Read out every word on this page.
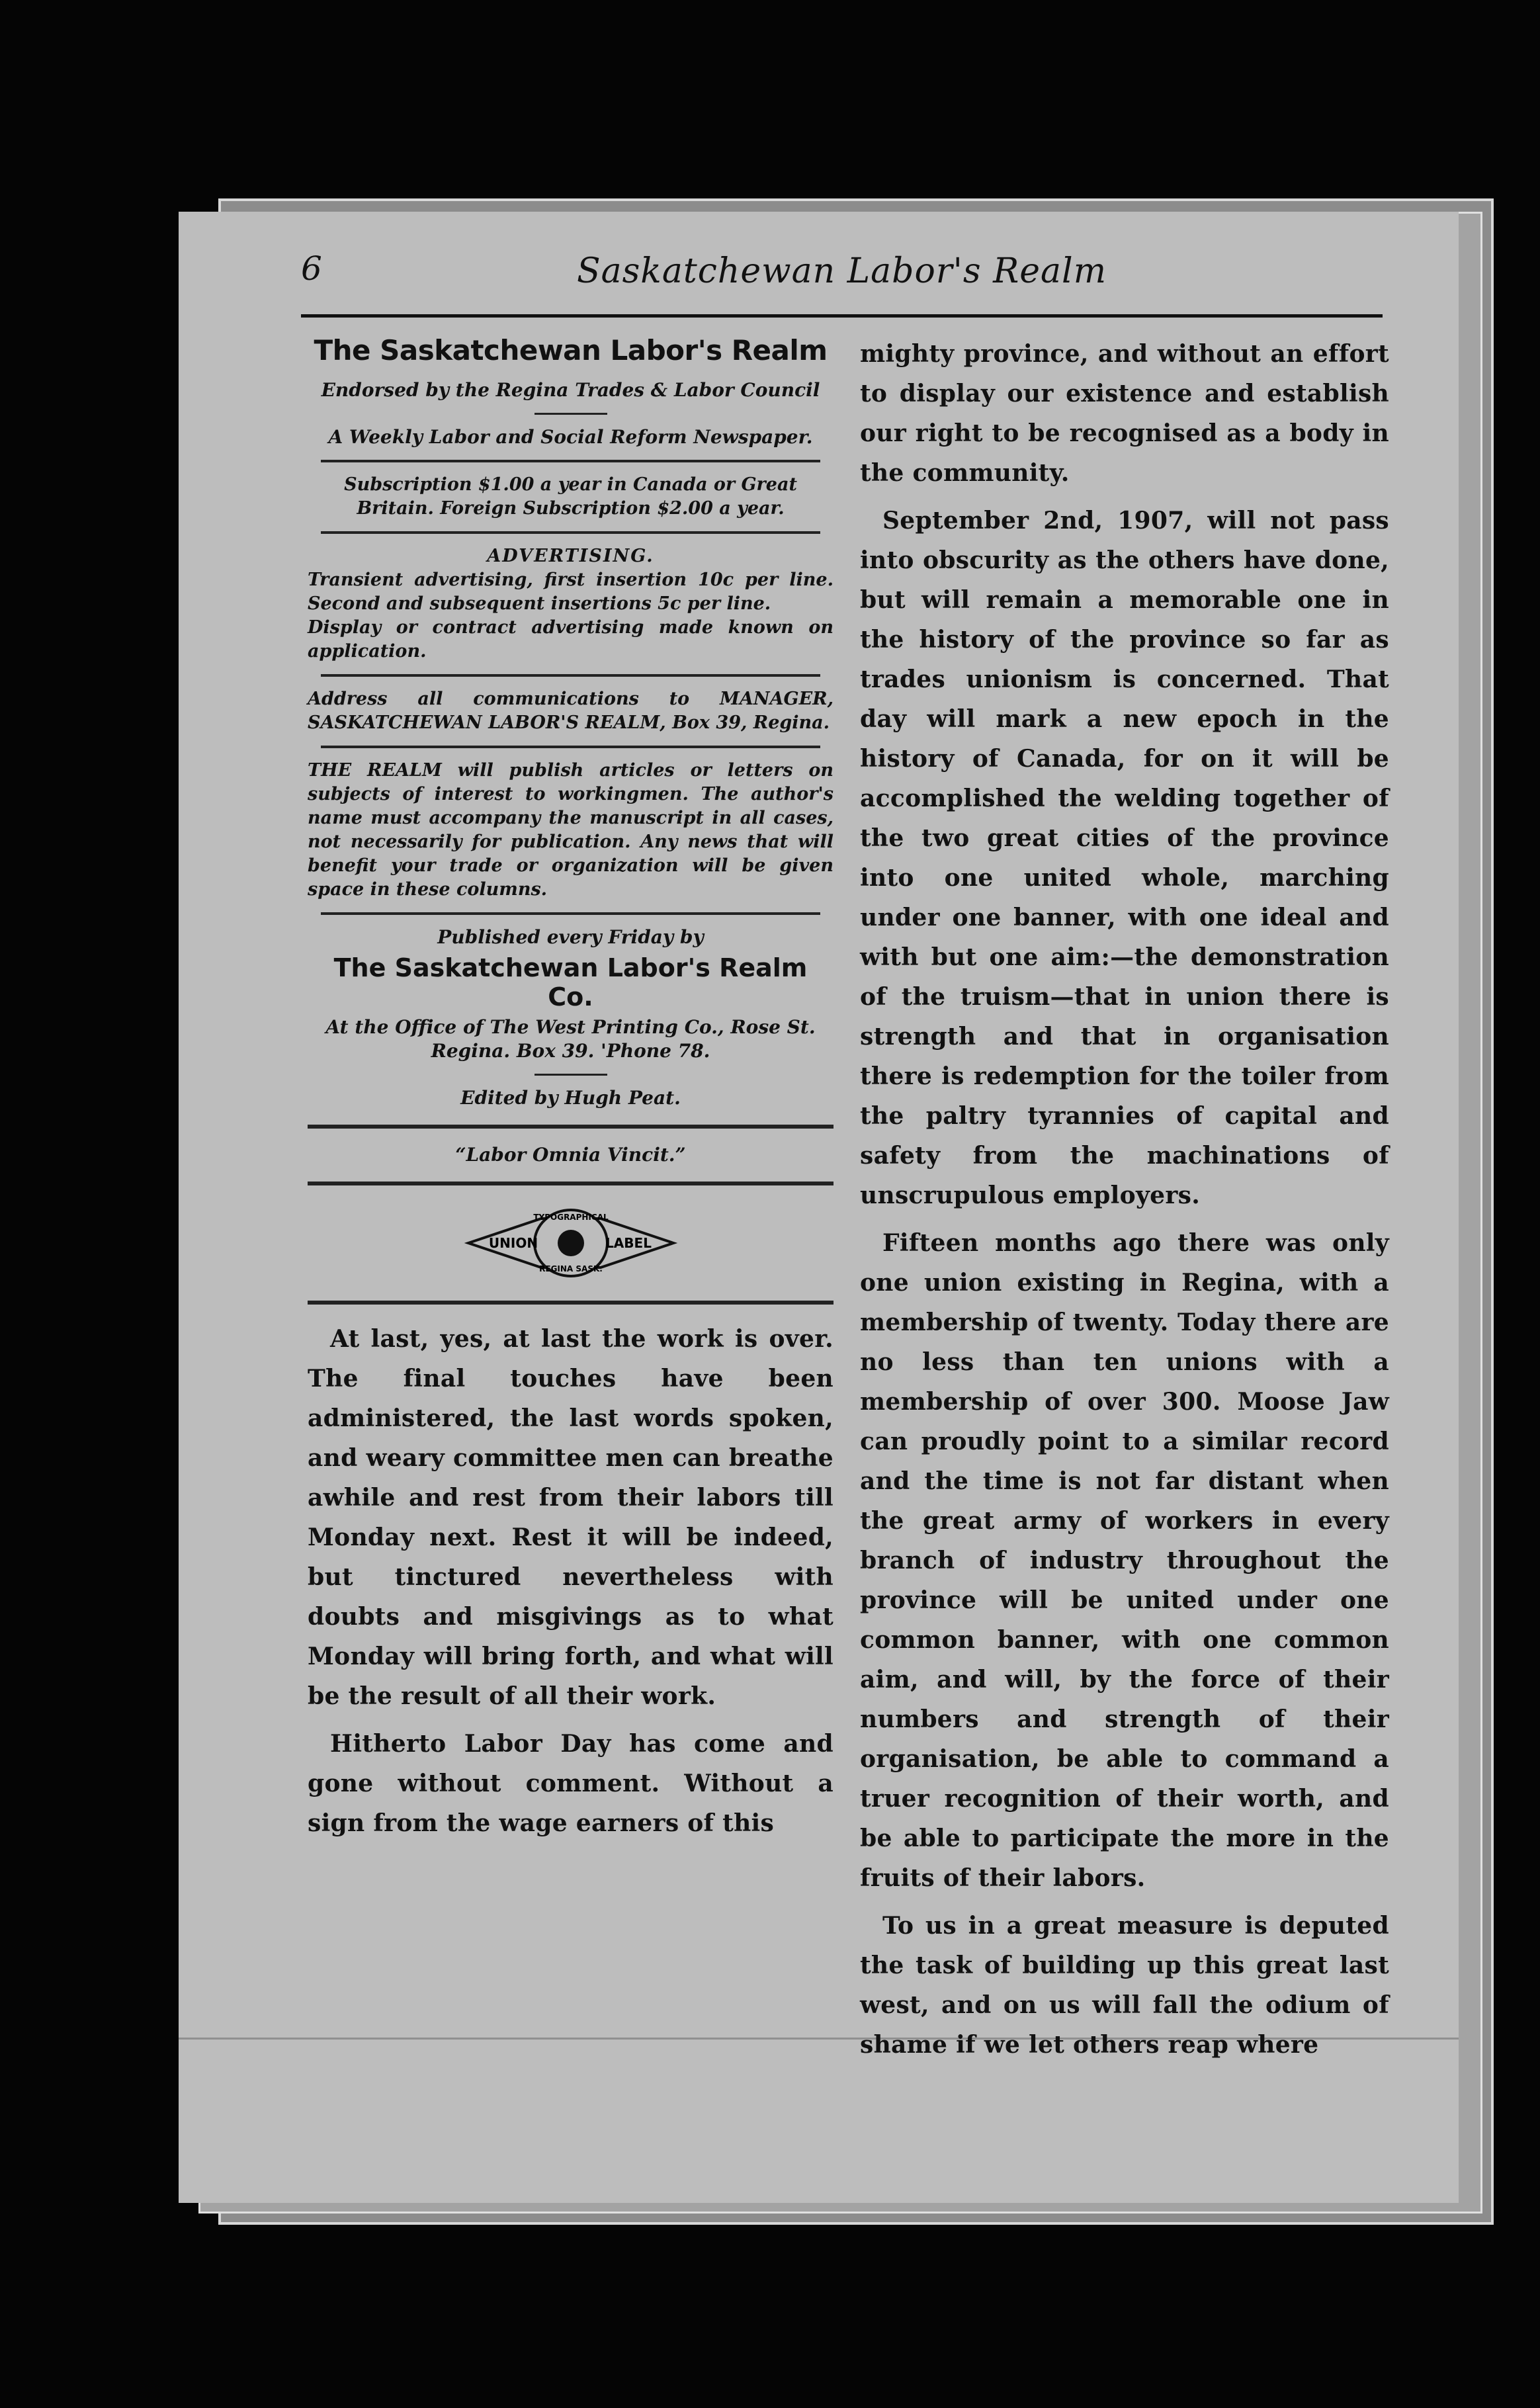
6	Saskatchewan Labor's Realm
The Saskatchewan Labor's Realm
Endorsed by the Regina Trades & Labor Council
A Weekly Labor and Social Reform Newspaper.
Subscription $1.00 a year in Canada or Great Britain. Foreign Subscription $2.00 a year.
ADVERTISING.
Transient advertising, first insertion 10c per line. Second and subsequent insertions 5c per line.
Display or contract advertising made known on application.
Address all communications to MANAGER, SASKATCHEWAN LABOR'S REALM, Box 39, Regina.
THE REALM will publish articles or letters on subjects of interest to workingmen. The author's name must accompany the manuscript in all cases, not necessarily for publication. Any news that will benefit your trade or organization will be given space in these columns.
Published every Friday by
The Saskatchewan Labor's Realm Co.
At the Office of The West Printing Co., Rose St. Regina. Box 39. 'Phone 78.
Edited by Hugh Peat.
“Labor Omnia Vincit.”
TYPOGRAPHICAL
UNION	LABEL
REGINA SASK.

At last, yes, at last the work is over. The final touches have been administered, the last words spoken, and weary committee men can breathe awhile and rest from their labors till Monday next. Rest it will be indeed, but tinctured nevertheless with doubts and misgivings as to what Monday will bring forth, and what will be the result of all their work.

Hitherto Labor Day has come and gone without comment. Without a sign from the wage earners of this

mighty province, and without an effort to display our existence and establish our right to be recognised as a body in the community.

September 2nd, 1907, will not pass into obscurity as the others have done, but will remain a memorable one in the history of the province so far as trades unionism is concerned. That day will mark a new epoch in the history of Canada, for on it will be accomplished the welding together of the two great cities of the province into one united whole, marching under one banner, with one ideal and with but one aim:—the demonstration of the truism—that in union there is strength and that in organisation there is redemption for the toiler from the paltry tyrannies of capital and safety from the machinations of unscrupulous employers.

Fifteen months ago there was only one union existing in Regina, with a membership of twenty. Today there are no less than ten unions with a membership of over 300. Moose Jaw can proudly point to a similar record and the time is not far distant when the great army of workers in every branch of industry throughout the province will be united under one common banner, with one common aim, and will, by the force of their numbers and strength of their organisation, be able to command a truer recognition of their worth, and be able to participate the more in the fruits of their labors.

To us in a great measure is deputed the task of building up this great last west, and on us will fall the odium of shame if we let others reap where
